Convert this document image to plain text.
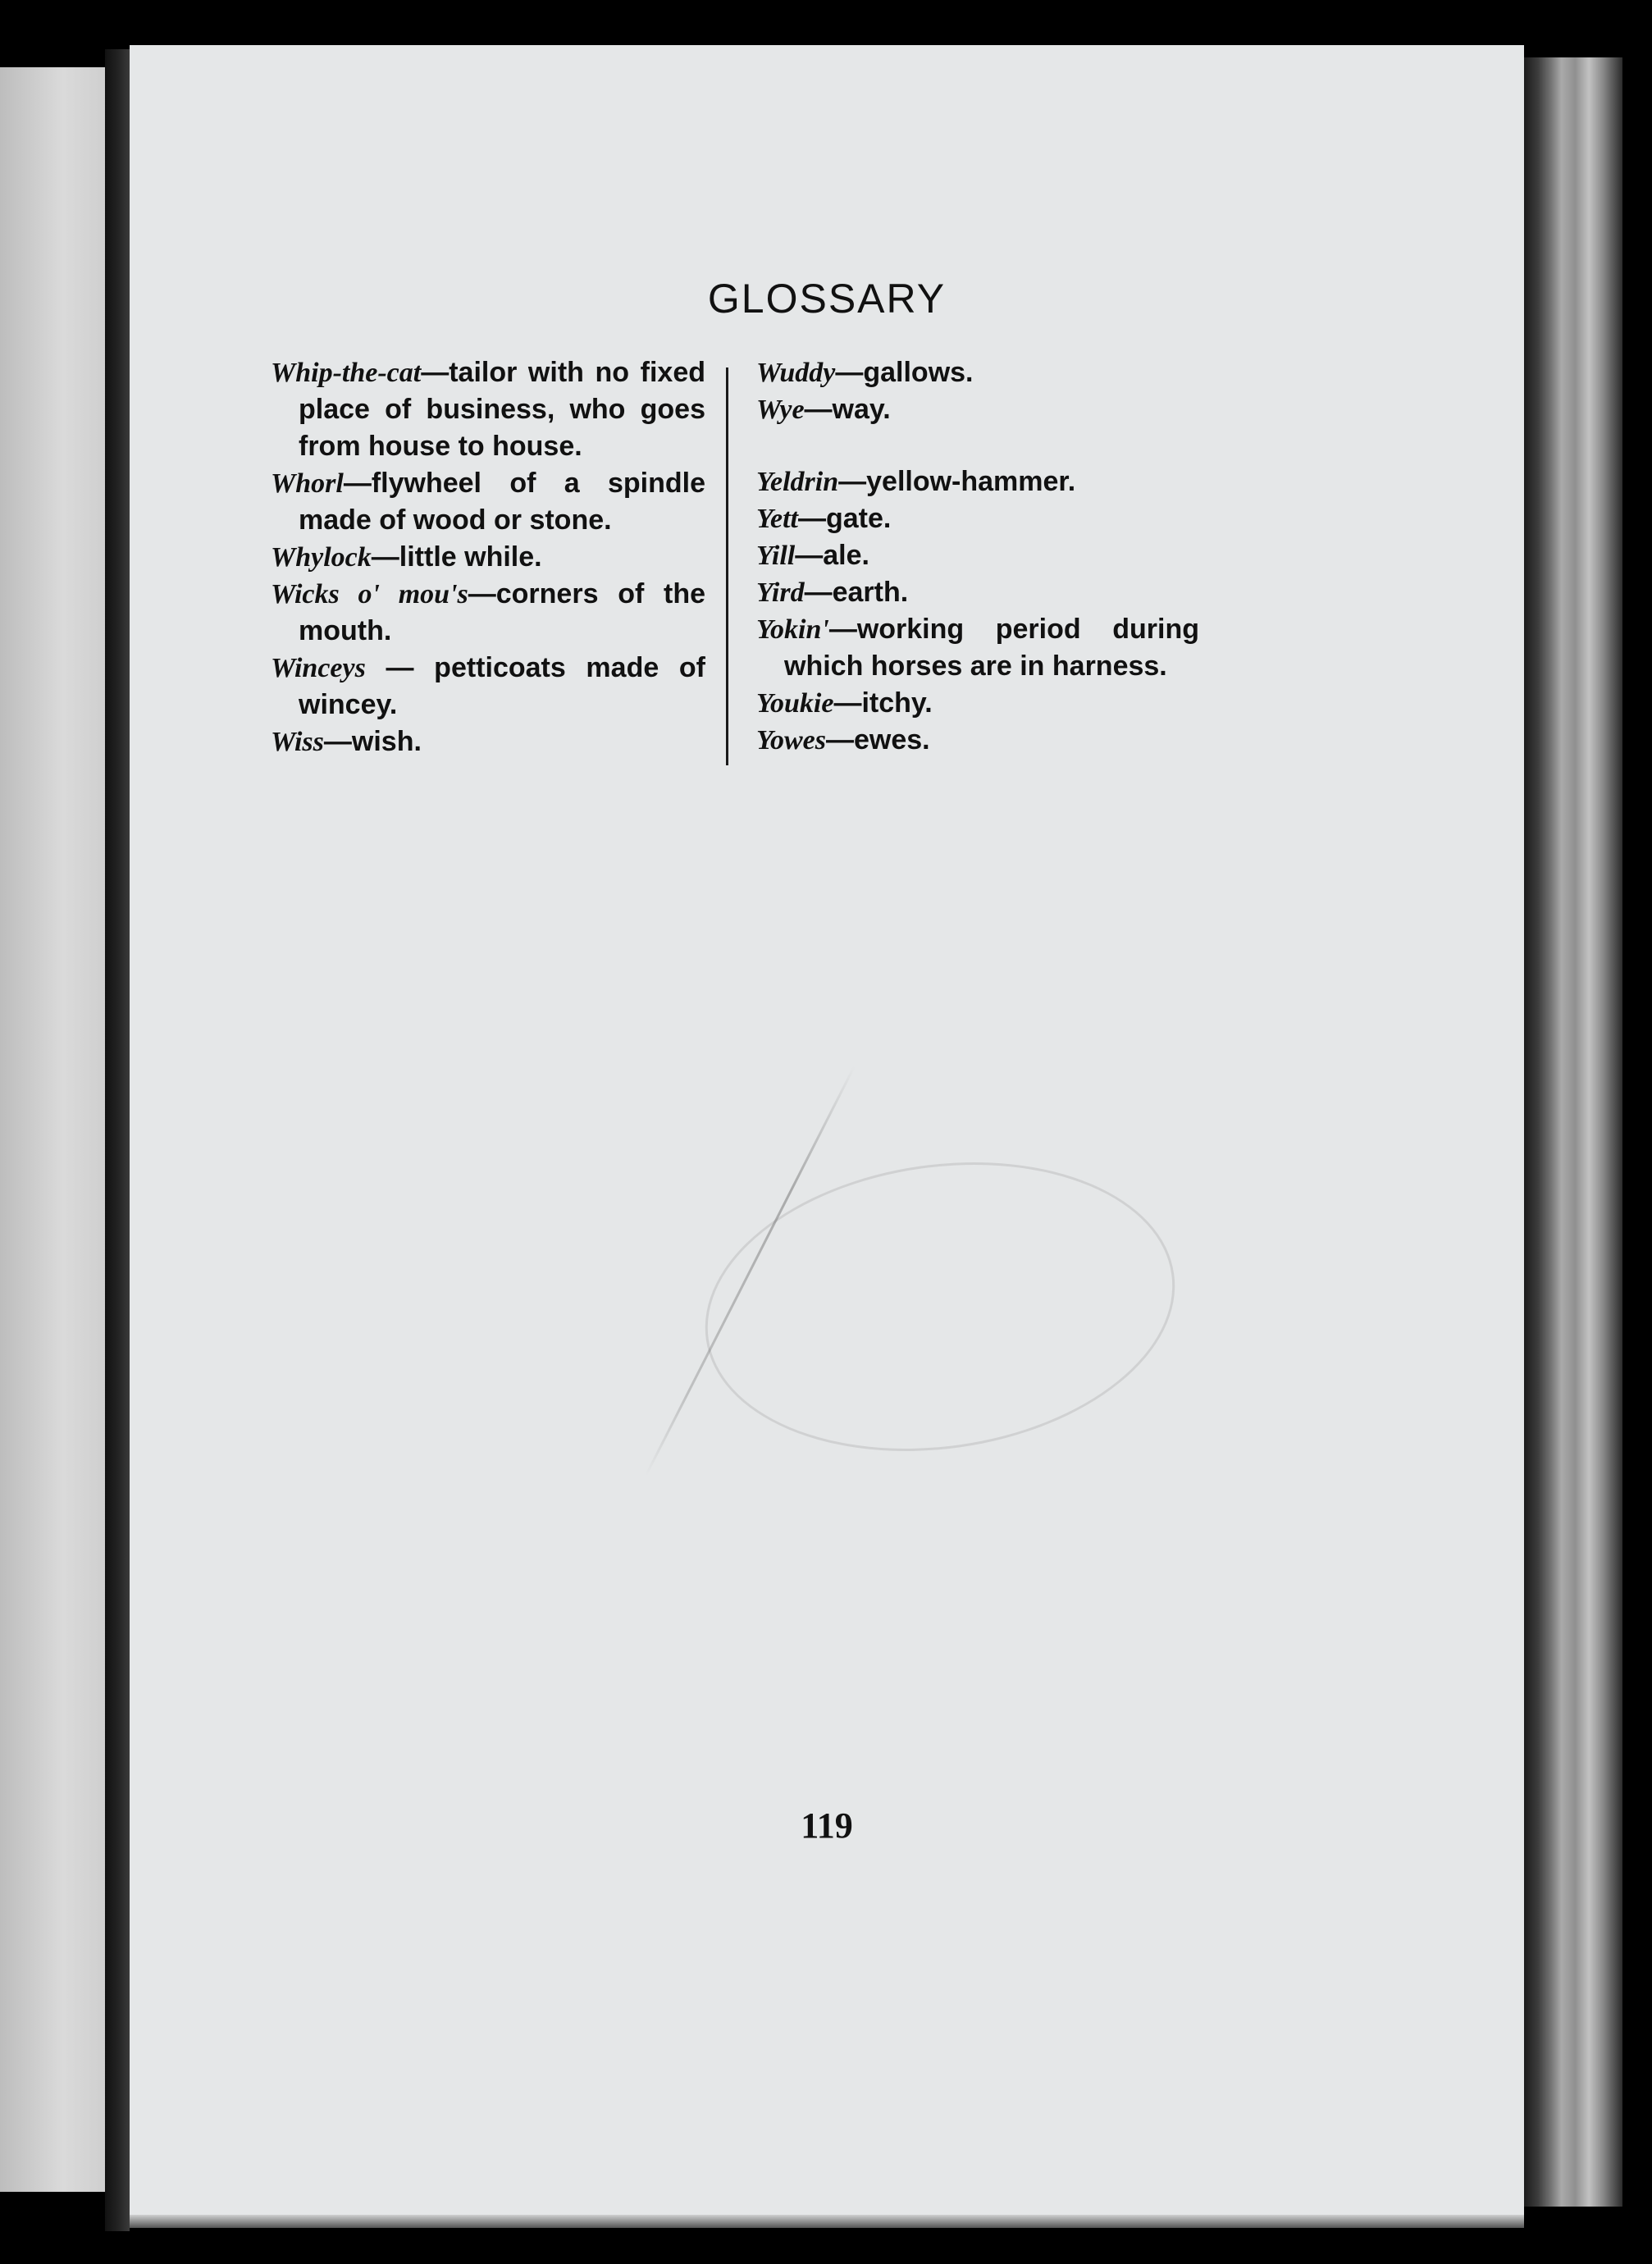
GLOSSARY
Whip-the-cat—tailor with no fixed place of business, who goes from house to house.
Whorl—flywheel of a spindle made of wood or stone.
Whylock—little while.
Wicks o' mou's—corners of the mouth.
Winceys — petticoats made of wincey.
Wiss—wish.
Wuddy—gallows.
Wye—way.
Yeldrin—yellow-hammer.
Yett—gate.
Yill—ale.
Yird—earth.
Yokin'—working period during which horses are in harness.
Youkie—itchy.
Yowes—ewes.
119
